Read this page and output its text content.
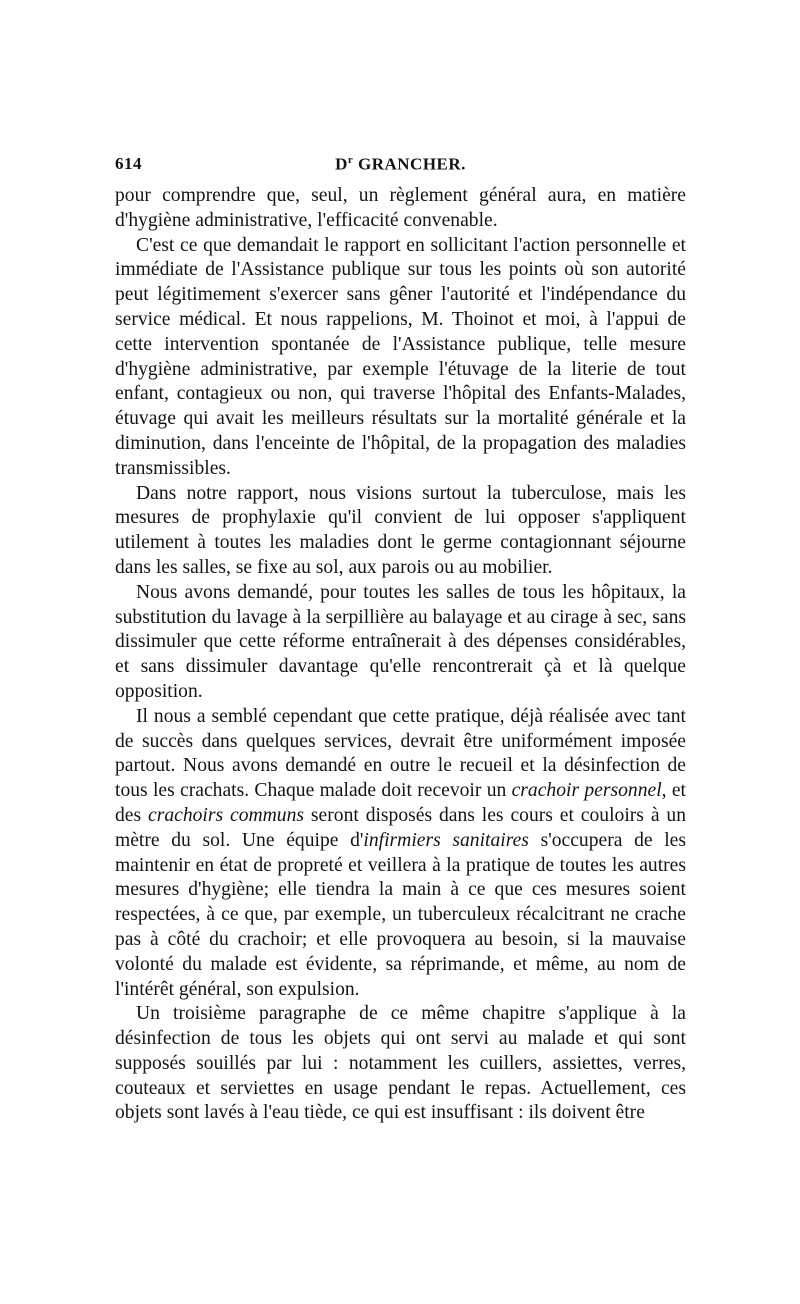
614	$D^r$ GRANCHER.

pour comprendre que, seul, un règlement général aura, en matière d'hygiène administrative, l'efficacité convenable.

C'est ce que demandait le rapport en sollicitant l'action personnelle et immédiate de l'Assistance publique sur tous les points où son autorité peut légitimement s'exercer sans gêner l'autorité et l'indépendance du service médical. Et nous rappelions, M. Thoinot et moi, à l'appui de cette intervention spontanée de l'Assistance publique, telle mesure d'hygiène administrative, par exemple l'étuvage de la literie de tout enfant, contagieux ou non, qui traverse l'hôpital des Enfants-Malades, étuvage qui avait les meilleurs résultats sur la mortalité générale et la diminution, dans l'enceinte de l'hôpital, de la propagation des maladies transmissibles.

Dans notre rapport, nous visions surtout la tuberculose, mais les mesures de prophylaxie qu'il convient de lui opposer s'appliquent utilement à toutes les maladies dont le germe contagionnant séjourne dans les salles, se fixe au sol, aux parois ou au mobilier.

Nous avons demandé, pour toutes les salles de tous les hôpitaux, la substitution du lavage à la serpillière au balayage et au cirage à sec, sans dissimuler que cette réforme entraînerait à des dépenses considérables, et sans dissimuler davantage qu'elle rencontrerait çà et là quelque opposition.

Il nous a semblé cependant que cette pratique, déjà réalisée avec tant de succès dans quelques services, devrait être uniformément imposée partout. Nous avons demandé en outre le recueil et la désinfection de tous les crachats. Chaque malade doit recevoir un crachoir personnel, et des crachoirs communs seront disposés dans les cours et couloirs à un mètre du sol. Une équipe d'infirmiers sanitaires s'occupera de les maintenir en état de propreté et veillera à la pratique de toutes les autres mesures d'hygiène; elle tiendra la main à ce que ces mesures soient respectées, à ce que, par exemple, un tuberculeux récalcitrant ne crache pas à côté du crachoir; et elle provoquera au besoin, si la mauvaise volonté du malade est évidente, sa réprimande, et même, au nom de l'intérêt général, son expulsion.

Un troisième paragraphe de ce même chapitre s'applique à la désinfection de tous les objets qui ont servi au malade et qui sont supposés souillés par lui : notamment les cuillers, assiettes, verres, couteaux et serviettes en usage pendant le repas. Actuellement, ces objets sont lavés à l'eau tiède, ce qui est insuffisant : ils doivent être
